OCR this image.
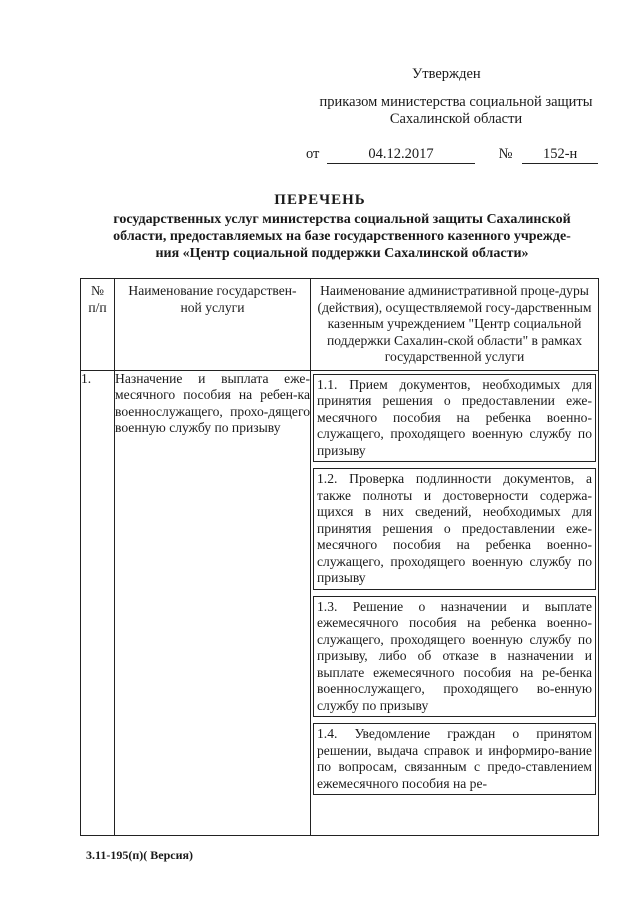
Утвержден
приказом министерства социальной защиты
Сахалинской области
от	04.12.2017	№ 152-н
ПЕРЕЧЕНЬ
государственных услуг министерства социальной защиты Сахалинской
области, предоставляемых на базе государственного казенного учрежде-
ния «Центр социальной поддержки Сахалинской области»
№ п/п	Наименование государствен-ной услуги	Наименование административной проце-дуры (действия), осуществляемой госу-дарственным казенным учреждением "Центр социальной поддержки Сахалин-ской области" в рамках государственной услуги
1.	Назначение и выплата еже-месячного пособия на ребен-ка военнослужащего, прохо-дящего военную службу по призыву	1.1. Прием документов, необходимых для принятия решения о предоставлении еже-месячного пособия на ребенка военно-служащего, проходящего военную службу по призыву
1.2. Проверка подлинности документов, а также полноты и достоверности содержа-щихся в них сведений, необходимых для принятия решения о предоставлении еже-месячного пособия на ребенка военно-служащего, проходящего военную службу по призыву
1.3. Решение о назначении и выплате ежемесячного пособия на ребенка военно-служащего, проходящего военную службу по призыву, либо об отказе в назначении и выплате ежемесячного пособия на ре-бенка военнослужащего, проходящего во-енную службу по призыву
1.4. Уведомление граждан о принятом решении, выдача справок и информиро-вание по вопросам, связанным с предо-ставлением ежемесячного пособия на ре-
3.11-195(п)( Версия)
